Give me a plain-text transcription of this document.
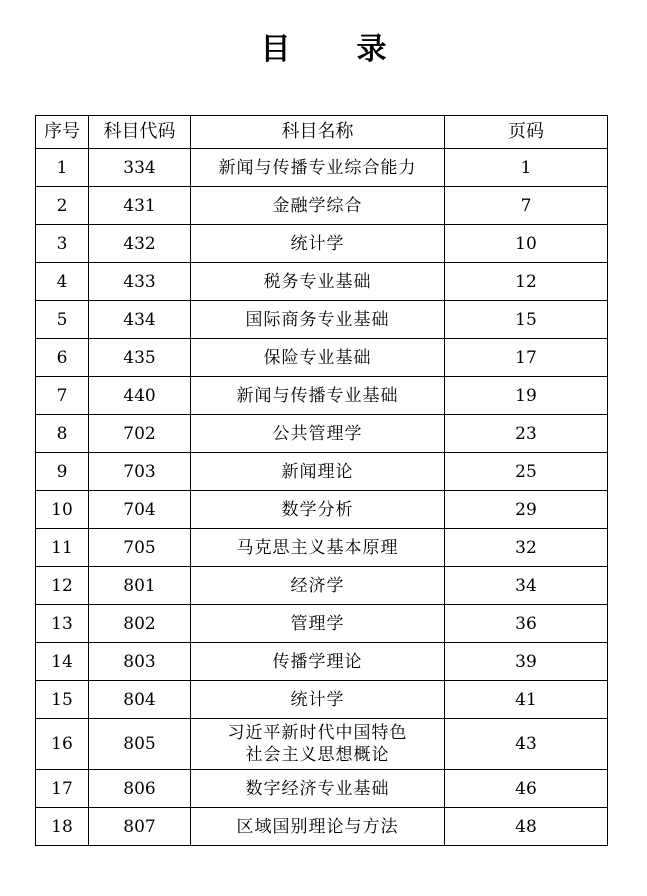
目 录
序号	科目代码	科目名称	页码
1	334	新闻与传播专业综合能力	1
2	431	金融学综合	7
3	432	统计学	10
4	433	税务专业基础	12
5	434	国际商务专业基础	15
6	435	保险专业基础	17
7	440	新闻与传播专业基础	19
8	702	公共管理学	23
9	703	新闻理论	25
10	704	数学分析	29
11	705	马克思主义基本原理	32
12	801	经济学	34
13	802	管理学	36
14	803	传播学理论	39
15	804	统计学	41
16	805	习近平新时代中国特色
社会主义思想概论	43
17	806	数字经济专业基础	46
18	807	区域国别理论与方法	48
